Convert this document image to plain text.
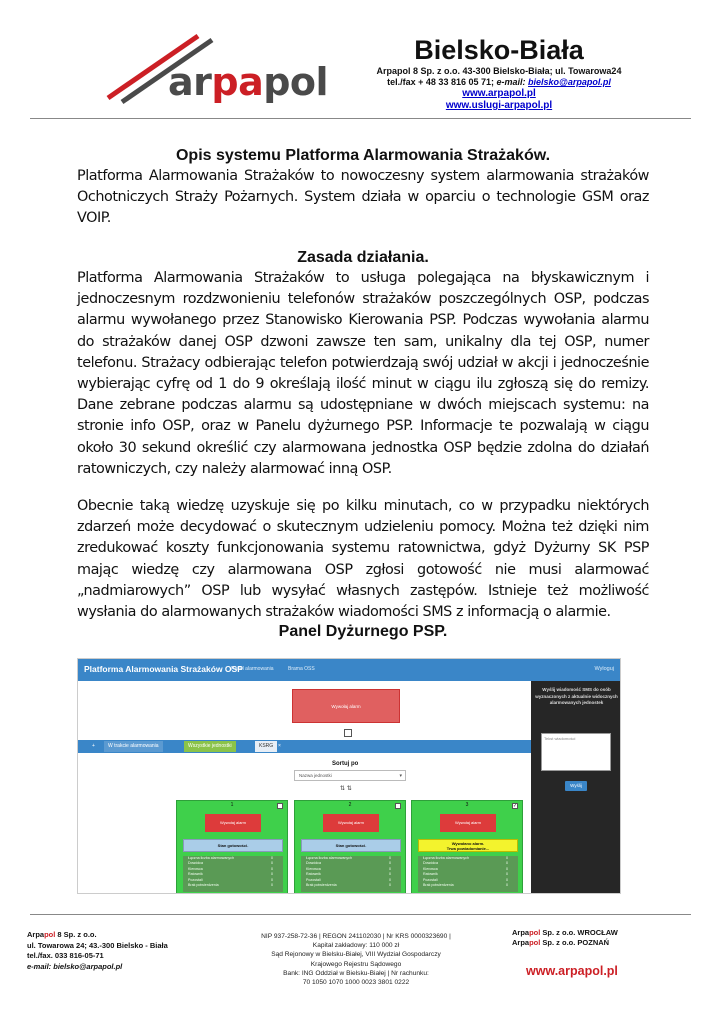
arpapol
Bielsko-Biała
Arpapol 8 Sp. z o.o. 43-300 Bielsko-Biała; ul. Towarowa24
tel./fax + 48 33 816 05 71; e-mail: bielsko@arpapol.pl
www.arpapol.pl
www.uslugi-arpapol.pl
Opis systemu Platforma Alarmowania Strażaków.
Platforma Alarmowania Strażaków to nowoczesny system alarmowania strażaków Ochotniczych Straży Pożarnych. System działa w oparciu o technologie GSM oraz VOIP.
Zasada działania.
Platforma Alarmowania Strażaków to usługa polegająca na błyskawicznym i jednoczesnym rozdzwonieniu telefonów strażaków poszczególnych OSP, podczas alarmu wywołanego przez Stanowisko Kierowania PSP. Podczas wywołania alarmu do strażaków danej OSP dzwoni zawsze ten sam, unikalny dla tej OSP, numer telefonu. Strażacy odbierając telefon potwierdzają swój udział w akcji i jednocześnie wybierając cyfrę od 1 do 9 określają ilość minut w ciągu ilu zgłoszą się do remizy. Dane zebrane podczas alarmu są udostępniane w dwóch miejscach systemu: na stronie info OSP, oraz w Panelu dyżurnego PSP. Informacje te pozwalają w ciągu około 30 sekund określić czy alarmowana jednostka OSP będzie zdolna do działań ratowniczych, czy należy alarmować inną OSP.
Obecnie taką wiedzę uzyskuje się po kilku minutach, co w przypadku niektórych zdarzeń może decydować o skutecznym udzieleniu pomocy. Można też dzięki nim zredukować koszty funkcjonowania systemu ratownictwa, gdyż Dyżurny SK PSP mając wiedzę czy alarmowana OSP zgłosi gotowość nie musi alarmować „nadmiarowych” OSP lub wysyłać własnych zastępów. Istnieje też możliwość wysłania do alarmowanych strażaków wiadomości SMS z informacją o alarmie.
Panel Dyżurnego PSP.
Platforma Alarmowania Strażaków OSP
Panel alarmowania	Brama OSS	Wyloguj
Wywołaj alarm
+	W trakcie alarmowania	Wszystkie jednostki	KSRG ×
Sortuj po
Nazwa jednostki	▾
⇅ ⇅
1
Wywołaj alarm
Stan gotowości.
Łączna liczba alarmowanych	0
Dowódca	0
Kierowca	0
Ratownik	0
Pozostali	0
Brak potwierdzenia	0
2
Wywołaj alarm
Stan gotowości.
Łączna liczba alarmowanych	0
Dowódca	0
Kierowca	0
Ratownik	0
Pozostali	0
Brak potwierdzenia	0
3	✓
Wywołaj alarm
Wywołano alarm.
Trwa powiadomianie...
Łączna liczba alarmowanych	0
Dowódca	0
Kierowca	0
Ratownik	0
Pozostali	0
Brak potwierdzenia	0
Wyślij wiadomość SMS do osób wyznaczonych z aktualnie widocznych alarmowanych jednostek
Tekst wiadomości
Wyślij
Arpapol 8 Sp. z o.o.
ul. Towarowa 24; 43.-300 Bielsko - Biała
tel./fax. 033 816-05-71
e-mail: bielsko@arpapol.pl
NIP 937-258-72-36 | REGON 241102030 | Nr KRS 0000323690 |
Kapitał zakładowy: 110 000 zł
Sąd Rejonowy w Bielsku-Białej, VIII Wydział Gospodarczy
Krajowego Rejestru Sądowego
Bank: ING Oddział w Bielsku-Białej | Nr rachunku:
70 1050 1070 1000 0023 3801 0222
Arpapol Sp. z o.o. WROCŁAW
Arpapol Sp. z o.o. POZNAŃ
www.arpapol.pl
